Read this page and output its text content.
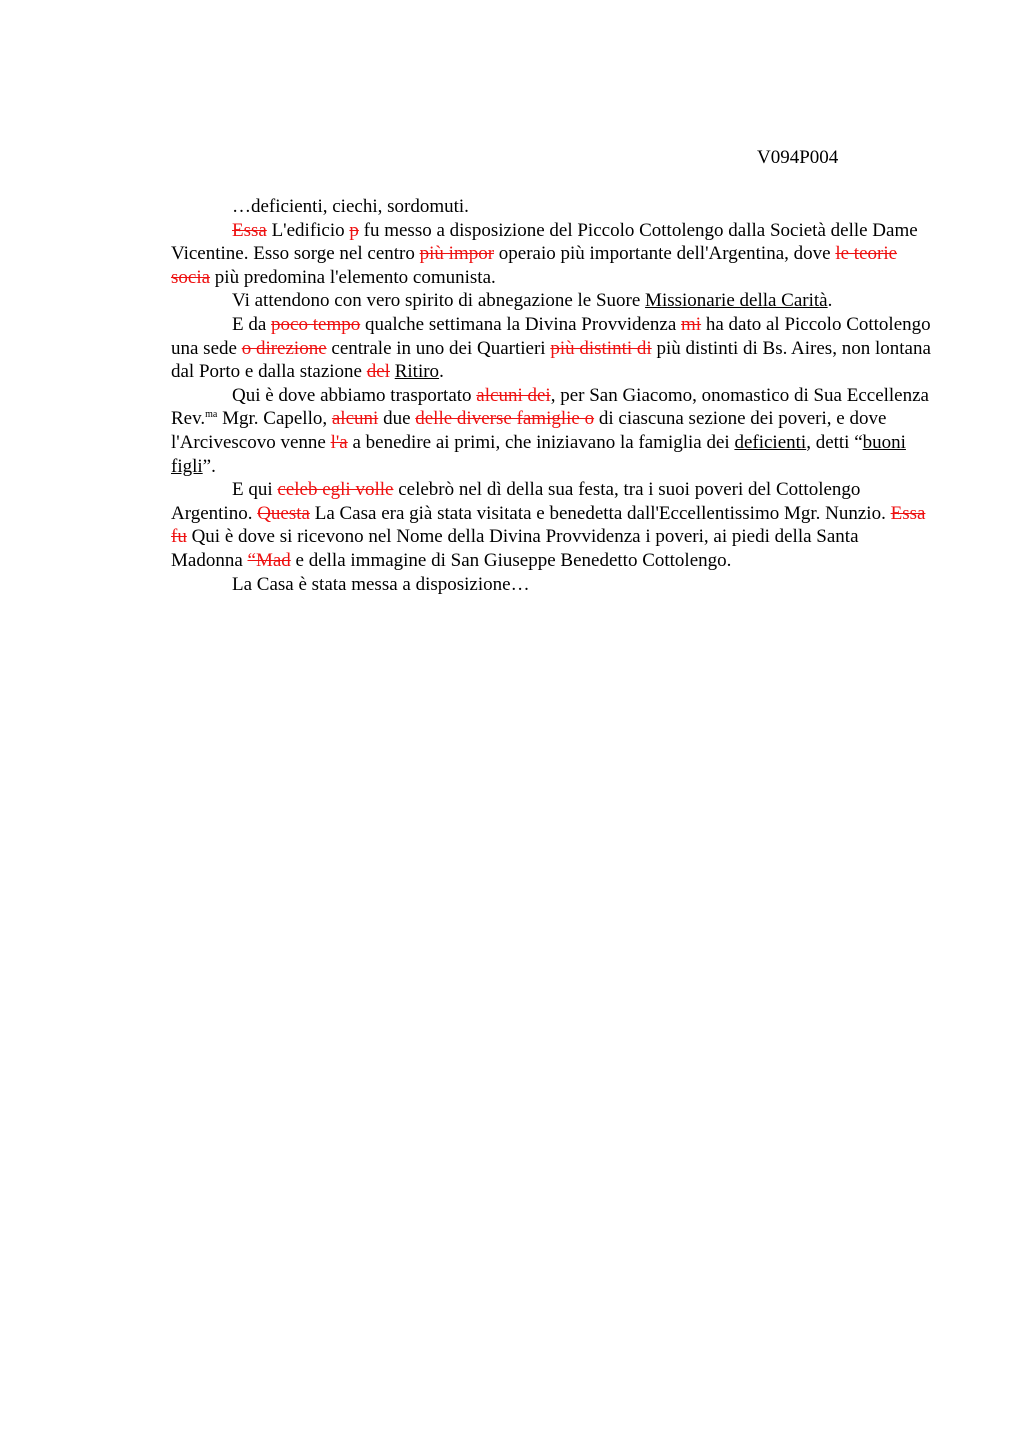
V094P004

…deficienti, ciechi, sordomuti.

Essa L'edificio p fu messo a disposizione del Piccolo Cottolengo dalla Società delle Dame Vicentine. Esso sorge nel centro più impor operaio più importante dell'Argentina, dove le teorie socia più predomina l'elemento comunista.

Vi attendono con vero spirito di abnegazione le Suore Missionarie della Carità.

E da poco tempo qualche settimana la Divina Provvidenza mi ha dato al Piccolo Cottolengo una sede o direzione centrale in uno dei Quartieri più distinti di più distinti di Bs. Aires, non lontana dal Porto e dalla stazione del Ritiro.

Qui è dove abbiamo trasportato alcuni dei, per San Giacomo, onomastico di Sua Eccellenza Rev.$^{ma}$ Mgr. Capello, alcuni due delle diverse famiglie o di ciascuna sezione dei poveri, e dove l'Arcivescovo venne l'a a benedire ai primi, che iniziavano la famiglia dei deficienti, detti “buoni figli”.

E qui celeb egli volle celebrò nel dì della sua festa, tra i suoi poveri del Cottolengo Argentino. Questa La Casa era già stata visitata e benedetta dall'Eccellentissimo Mgr. Nunzio. Essa fu Qui è dove si ricevono nel Nome della Divina Provvidenza i poveri, ai piedi della Santa Madonna “Mad e della immagine di San Giuseppe Benedetto Cottolengo.

La Casa è stata messa a disposizione…
